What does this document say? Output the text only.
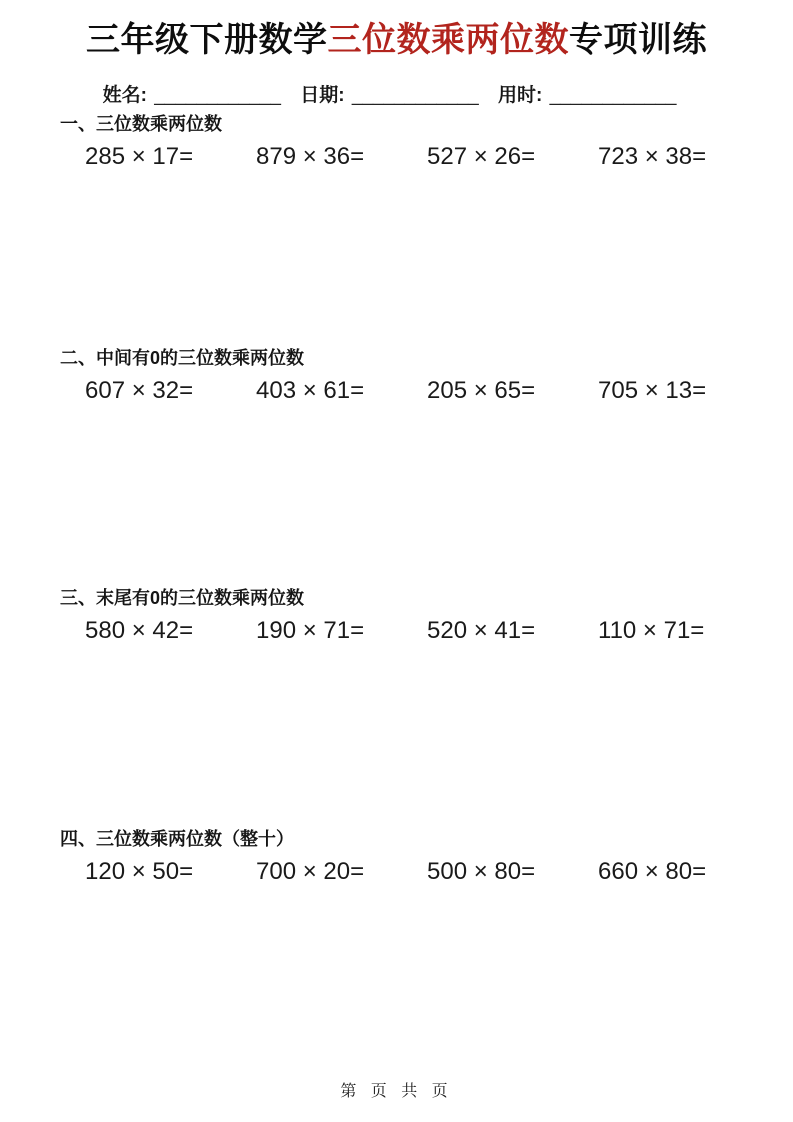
三年级下册数学三位数乘两位数专项训练
姓名: ____________ 日期: ____________ 用时: ____________
一、三位数乘两位数
285 × 17=	879 × 36=	527 × 26=	723 × 38=
二、中间有0的三位数乘两位数
607 × 32=	403 × 61=	205 × 65=	705 × 13=
三、末尾有0的三位数乘两位数
580 × 42=	190 × 71=	520 × 41=	110 × 71=
四、三位数乘两位数（整十）
120 × 50=	700 × 20=	500 × 80=	660 × 80=
第 页 共 页
